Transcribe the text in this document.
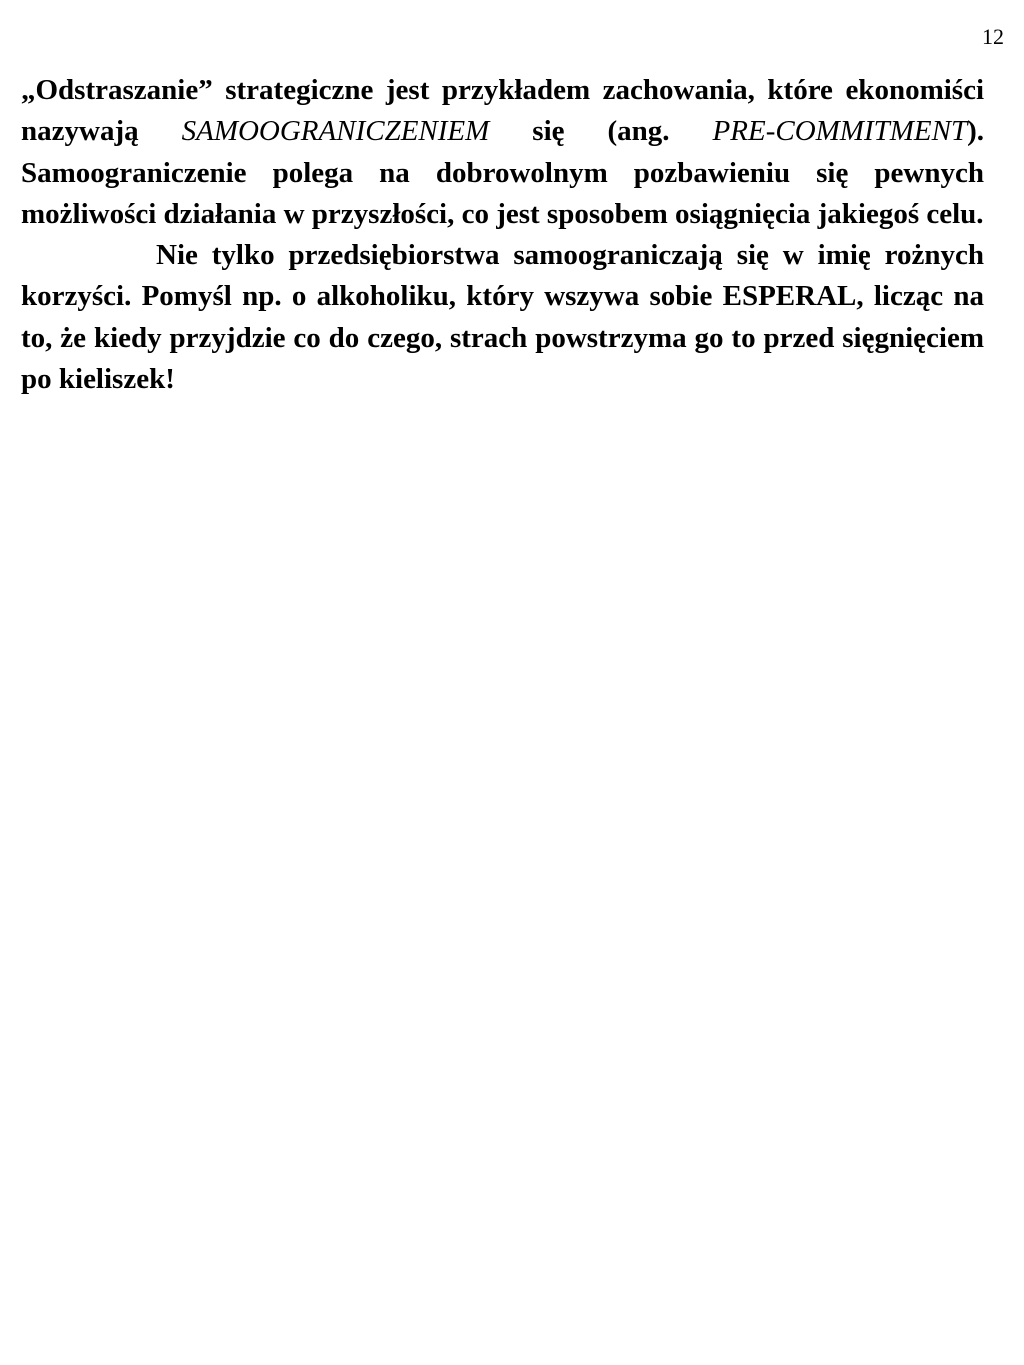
12

„Odstraszanie” strategiczne jest przykładem zachowania, które ekonomiści nazywają SAMOOGRANICZENIEM się (ang. PRE-COMMITMENT). Samoograniczenie polega na dobrowolnym pozbawieniu się pewnych możliwości działania w przyszłości, co jest sposobem osiągnięcia jakiegoś celu.

Nie tylko przedsiębiorstwa samoograniczają się w imię rożnych korzyści. Pomyśl np. o alkoholiku, który wszywa sobie ESPERAL, licząc na to, że kiedy przyjdzie co do czego, strach powstrzyma go to przed sięgnięciem po kieliszek!
